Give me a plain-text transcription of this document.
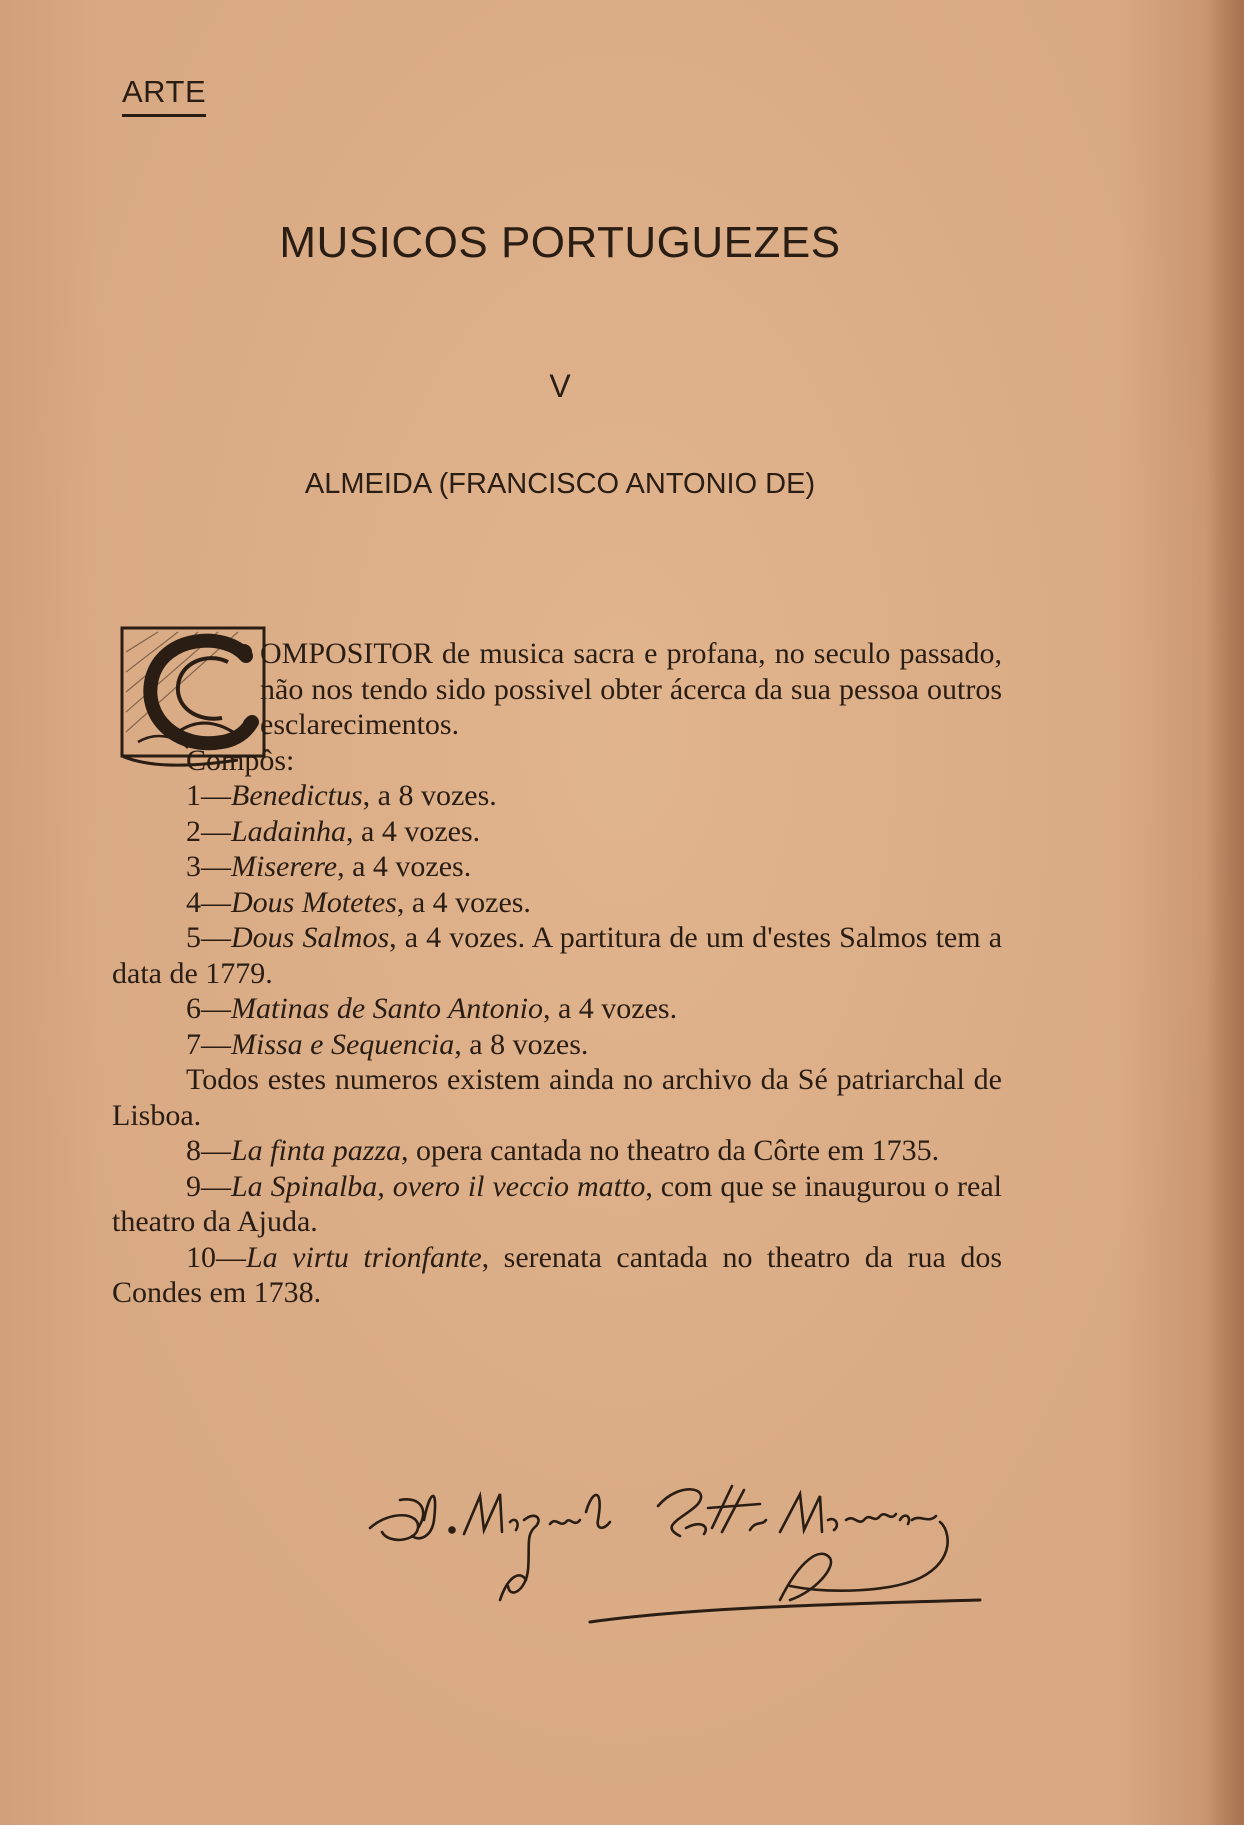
ARTE
MUSICOS PORTUGUEZES
V
ALMEIDA (FRANCISCO ANTONIO DE)

OMPOSITOR de musica sacra e profana, no seculo passado, não nos tendo sido possivel obter ácerca da sua pessoa outros esclarecimentos.

Compôs:

1—Benedictus, a 8 vozes.

2—Ladainha, a 4 vozes.

3—Miserere, a 4 vozes.

4—Dous Motetes, a 4 vozes.

5—Dous Salmos, a 4 vozes. A partitura de um d'estes Salmos tem a data de 1779.

6—Matinas de Santo Antonio, a 4 vozes.

7—Missa e Sequencia, a 8 vozes.

Todos estes numeros existem ainda no archivo da Sé patriarchal de Lisboa.

8—La finta pazza, opera cantada no theatro da Côrte em 1735.

9—La Spinalba, overo il veccio matto, com que se inaugurou o real theatro da Ajuda.

10—La virtu trionfante, serenata cantada no theatro da rua dos Condes em 1738.
